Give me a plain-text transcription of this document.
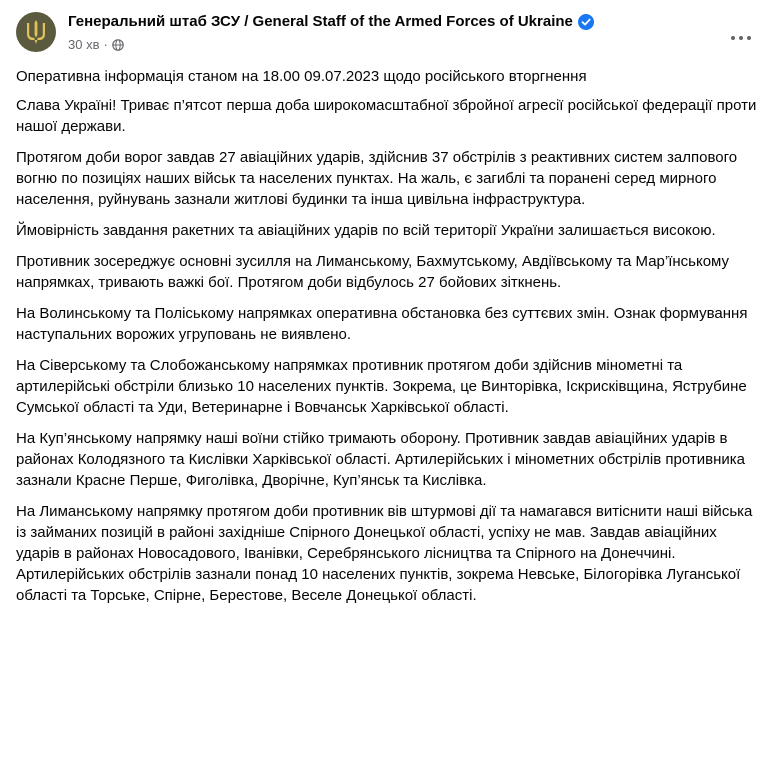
Генеральний штаб ЗСУ / General Staff of the Armed Forces of Ukraine
30 хв ·

Оперативна інформація станом на 18.00 09.07.2023 щодо російського вторгнення

Слава Україні! Триває п’ятсот перша доба широкомасштабної збройної агресії російської федерації проти нашої держави.

Протягом доби ворог завдав 27 авіаційних ударів, здійснив 37 обстрілів з реактивних систем залпового вогню по позиціях наших військ та населених пунктах. На жаль, є загиблі та поранені серед мирного населення, руйнувань зазнали житлові будинки та інша цивільна інфраструктура.

Ймовірність завдання ракетних та авіаційних ударів по всій території України залишається високою.

Противник зосереджує основні зусилля на Лиманському, Бахмутському, Авдіївському та Мар’їнському напрямках, тривають важкі бої. Протягом доби відбулось 27 бойових зіткнень.

На Волинському та Поліському напрямках оперативна обстановка без суттєвих змін. Ознак формування наступальних ворожих угруповань не виявлено.

На Сіверському та Слобожанському напрямках противник протягом доби здійснив мінометні та артилерійські обстріли близько 10 населених пунктів. Зокрема, це Винторівка, Іскрисківщина, Яструбине Сумської області та Уди, Ветеринарне і Вовчанськ Харківської області.

На Куп’янському напрямку наші воїни стійко тримають оборону. Противник завдав авіаційних ударів в районах Колодязного та Кислівки Харківської області. Артилерійських і мінометних обстрілів противника зазнали Красне Перше, Фиголівка, Дворічне, Куп’янськ та Кислівка.

На Лиманському напрямку протягом доби противник вів штурмові дії та намагався витіснити наші війська із займаних позицій в районі західніше Спірного Донецької області, успіху не мав. Завдав авіаційних ударів в районах Новосадового, Іванівки, Серебрянського лісництва та Спірного на Донеччині. Артилерійських обстрілів зазнали понад 10 населених пунктів, зокрема Невське, Білогорівка Луганської області та Торське, Спірне, Берестове, Веселе Донецької області.
